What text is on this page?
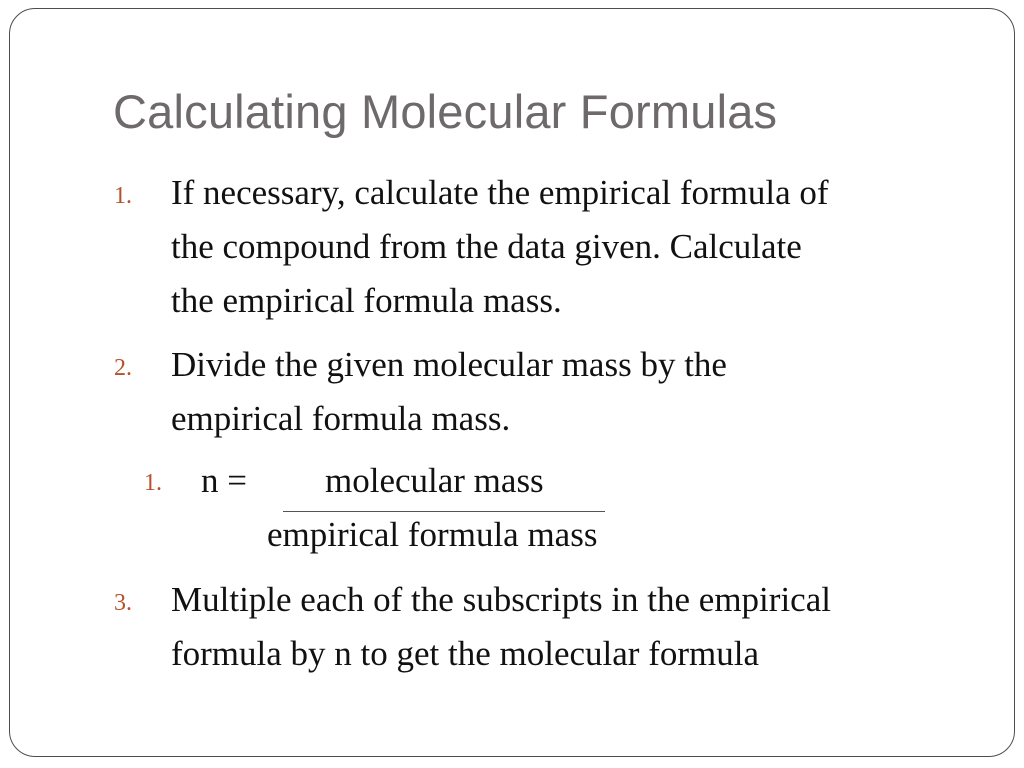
Calculating Molecular Formulas
1. If necessary, calculate the empirical formula of
the compound from the data given. Calculate
the empirical formula mass.
2. Divide the given molecular mass by the
empirical formula mass.
1. n = molecular mass
empirical formula mass
3. Multiple each of the subscripts in the empirical
formula by n to get the molecular formula
